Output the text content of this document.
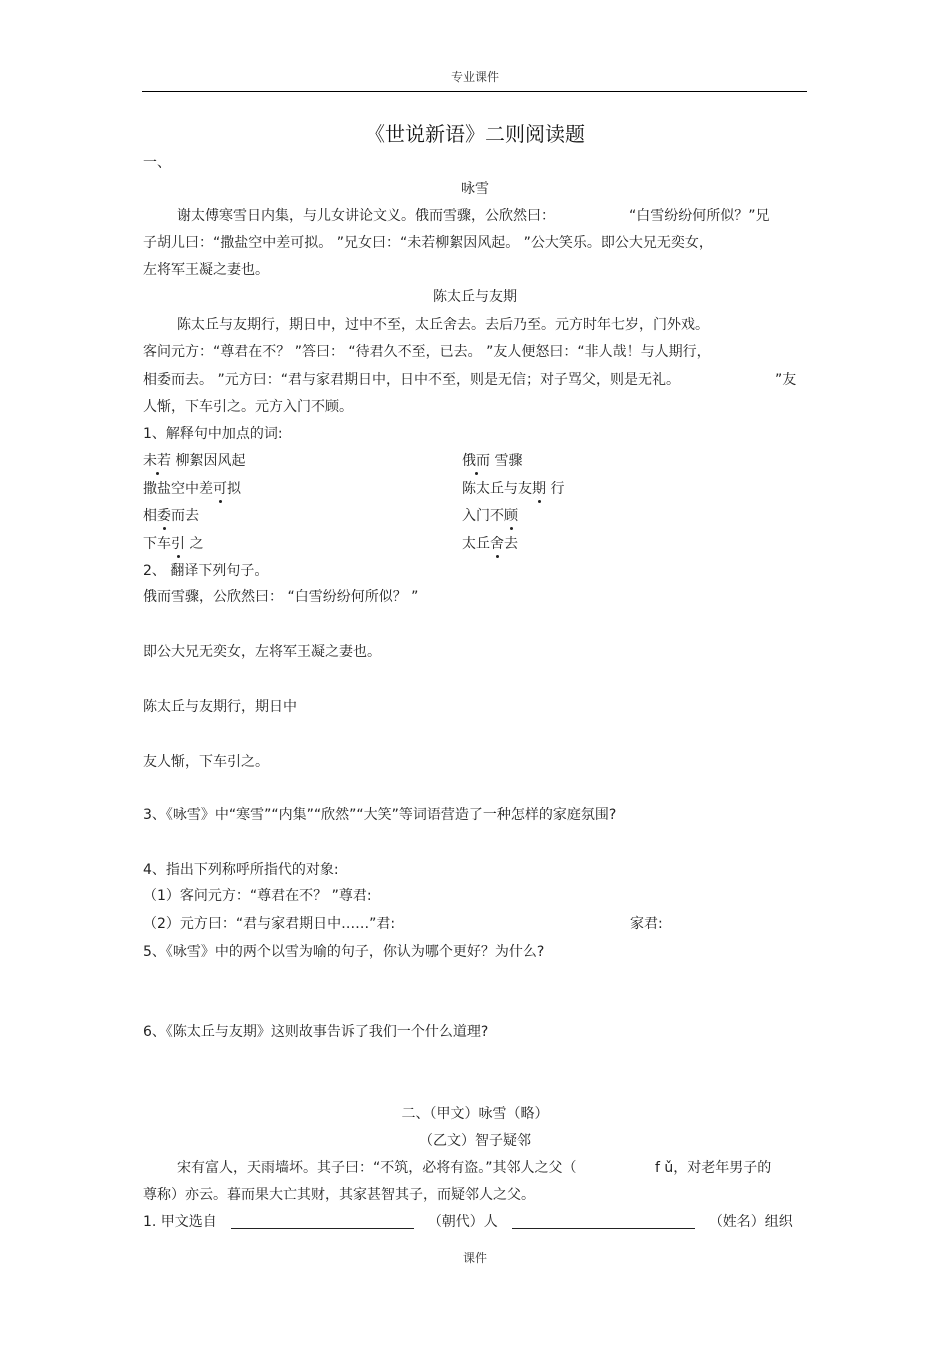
专业课件
《世说新语》二则阅读题
一、
咏雪
谢太傅寒雪日内集，与儿女讲论文义。俄而雪骤，公欣然曰：	“白雪纷纷何所似？”兄
子胡儿曰：“撒盐空中差可拟。 ”兄女曰：“未若柳絮因风起。 ”公大笑乐。即公大兄无奕女，
左将军王凝之妻也。
陈太丘与友期
陈太丘与友期行，期日中，过中不至，太丘舍去。去后乃至。元方时年七岁，门外戏。
客问元方：“尊君在不？ ”答曰： “待君久不至，已去。 ”友人便怒曰：“非人哉！与人期行，
相委而去。 ”元方曰：“君与家君期日中，日中不至，则是无信；对子骂父，则是无礼。	”友
人惭，下车引之。元方入门不顾。
1、解释句中加点的词:
未若 柳絮因风起	俄而 雪骤
撒盐空中差可拟	陈太丘与友期 行
相委而去	入门不顾
下车引 之	太丘舍去
2、 翻译下列句子。
俄而雪骤，公欣然曰： “白雪纷纷何所似？ ”
即公大兄无奕女，左将军王凝之妻也。
陈太丘与友期行，期日中
友人惭，下车引之。
3、《咏雪》中“寒雪”“内集”“欣然”“大笑”等词语营造了一种怎样的家庭氛围?
4、指出下列称呼所指代的对象:
（1）客问元方：“尊君在不？ ”尊君:
（2）元方曰：“君与家君期日中……”君:	家君:
5、《咏雪》中的两个以雪为喻的句子，你认为哪个更好？为什么?
6、《陈太丘与友期》这则故事告诉了我们一个什么道理?
二、（甲文）咏雪（略）
（乙文）智子疑邻
宋有富人，天雨墙坏。其子曰：“不筑，必将有盗。”其邻人之父（	f ǔ，对老年男子的
尊称）亦云。暮而果大亡其财，其家甚智其子，而疑邻人之父。
1. 甲文选自	（朝代）人	（姓名）组织
课件
